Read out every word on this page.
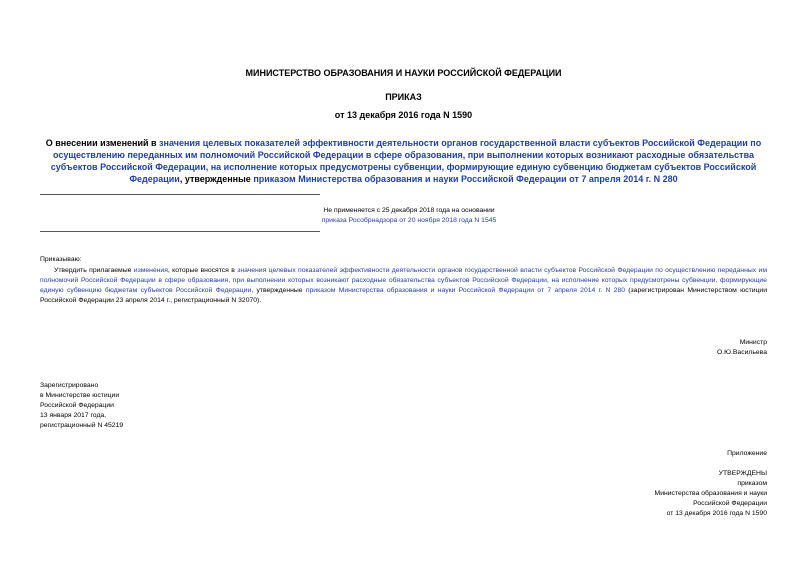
МИНИСТЕРСТВО ОБРАЗОВАНИЯ И НАУКИ РОССИЙСКОЙ ФЕДЕРАЦИИ
ПРИКАЗ
от 13 декабря 2016 года N 1590
О внесении изменений в значения целевых показателей эффективности деятельности органов государственной власти субъектов Российской Федерации по осуществлению переданных им полномочий Российской Федерации в сфере образования, при выполнении которых возникают расходные обязательства субъектов Российской Федерации, на исполнение которых предусмотрены субвенции, формирующие единую субвенцию бюджетам субъектов Российской Федерации, утвержденные приказом Министерства образования и науки Российской Федерации от 7 апреля 2014 г. N 280
Не применяется с 25 декабря 2018 года на основании
приказа Рособрнадзора от 20 ноября 2018 года N 1545
Приказываю:
Утвердить прилагаемые изменения, которые вносятся в значения целевых показателей эффективности деятельности органов государственной власти субъектов Российской Федерации по осуществлению переданных им полномочий Российской Федерации в сфере образования, при выполнении которых возникают расходные обязательства субъектов Российской Федерации, на исполнение которых предусмотрены субвенции, формирующие единую субвенцию бюджетам субъектов Российской Федерации, утвержденные приказом Министерства образования и науки Российской Федерации от 7 апреля 2014 г. N 280 (зарегистрирован Министерством юстиции Российской Федерации 23 апреля 2014 г., регистрационный N 32070).
Министр
О.Ю.Васильева
Зарегистрировано
в Министерстве юстиции
Российской Федерации
13 января 2017 года,
регистрационный N 45219
Приложение
УТВЕРЖДЕНЫ
приказом
Министерства образования и науки
Российской Федерации
от 13 декабря 2016 года N 1590
